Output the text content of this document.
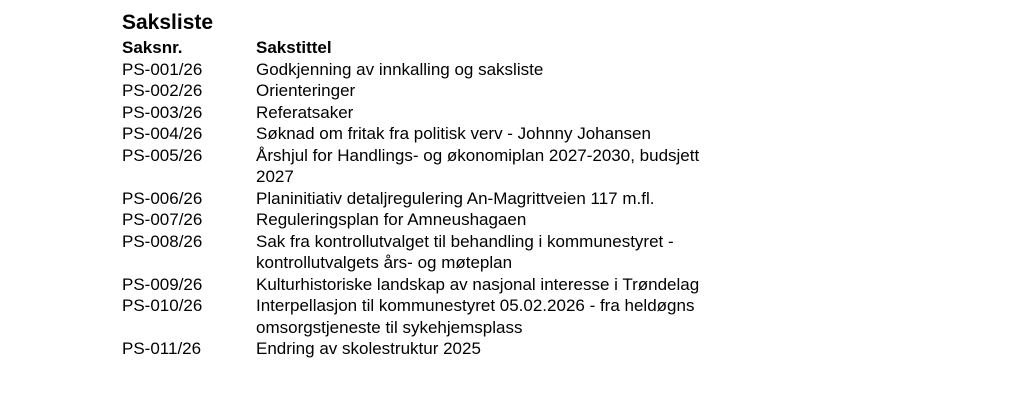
Saksliste
Saksnr.	Sakstittel
PS-001/26	Godkjenning av innkalling og saksliste
PS-002/26	Orienteringer
PS-003/26	Referatsaker
PS-004/26	Søknad om fritak fra politisk verv - Johnny Johansen
PS-005/26	Årshjul for Handlings- og økonomiplan 2027-2030, budsjett 2027
PS-006/26	Planinitiativ detaljregulering An-Magrittveien 117 m.fl.
PS-007/26	Reguleringsplan for Amneushagaen
PS-008/26	Sak fra kontrollutvalget til behandling i kommunestyret - kontrollutvalgets års- og møteplan
PS-009/26	Kulturhistoriske landskap av nasjonal interesse i Trøndelag
PS-010/26	Interpellasjon til kommunestyret 05.02.2026 - fra heldøgns omsorgstjeneste til sykehjemsplass
PS-011/26	Endring av skolestruktur 2025
